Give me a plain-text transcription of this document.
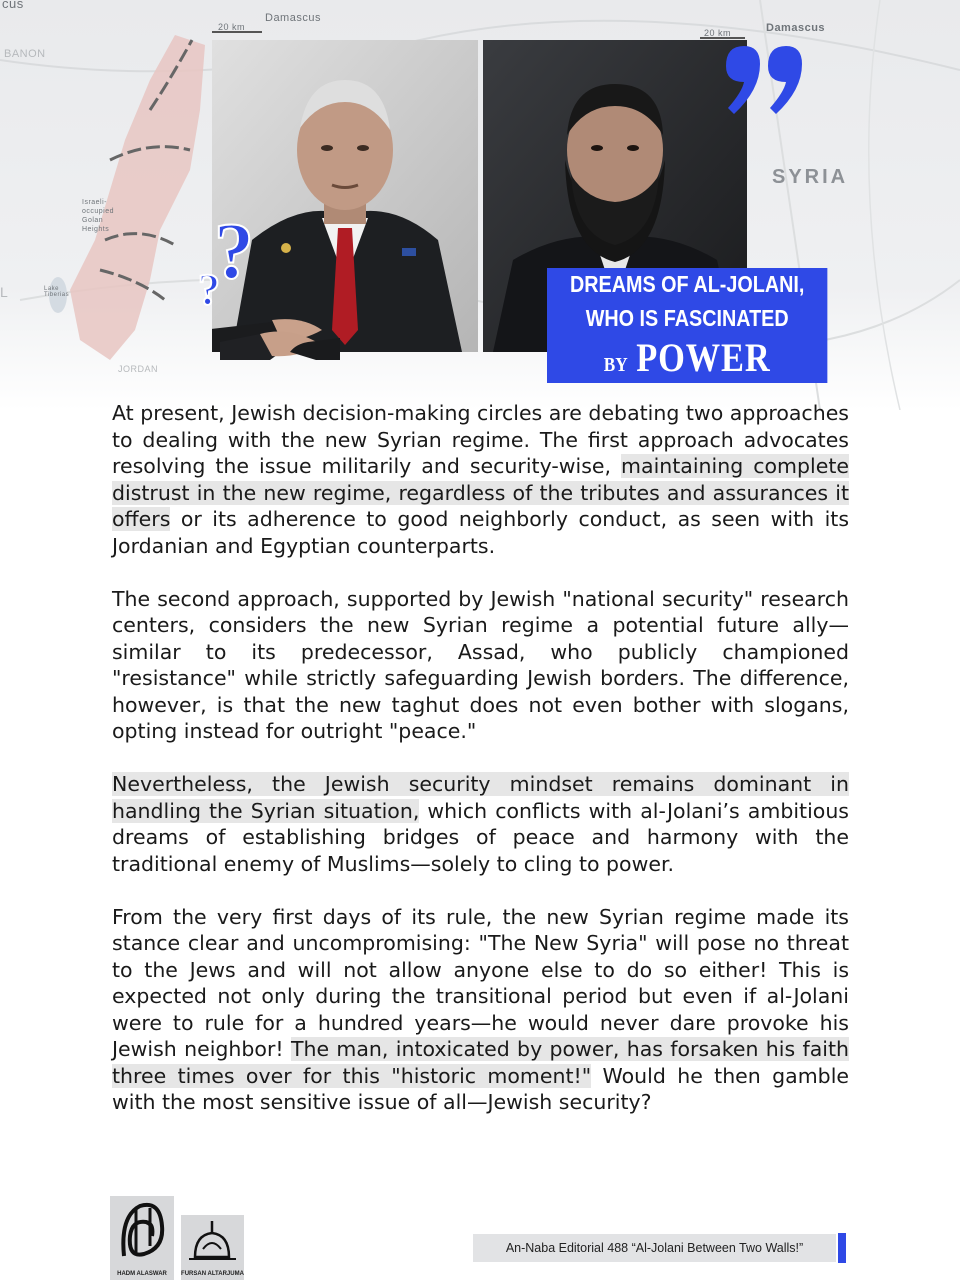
cus
Damascus
20 km	Damascus
20 km
BANON
SYRIA
Israeli-occupied Golan Heights
Lake Tiberias
JORDAN
L	?
?	DREAMS OF AL-JOLANI,
WHO IS FASCINATED
BY POWER

At present, Jewish decision-making circles are debating two approaches to dealing with the new Syrian regime. The first approach advocates resolving the issue militarily and security-wise, maintaining complete distrust in the new regime, regardless of the tributes and assurances it offers or its adherence to good neighborly conduct, as seen with its Jordanian and Egyptian counterparts.

The second approach, supported by Jewish "national security" research centers, considers the new Syrian regime a potential future ally—similar to its predecessor, Assad, who publicly championed "resistance" while strictly safeguarding Jewish borders. The difference, however, is that the new taghut does not even bother with slogans, opting instead for outright "peace."

Nevertheless, the Jewish security mindset remains dominant in handling the Syrian situation, which conflicts with al-Jolani’s ambitious dreams of establishing bridges of peace and harmony with the traditional enemy of Muslims—solely to cling to power.

From the very first days of its rule, the new Syrian regime made its stance clear and uncompromising: "The New Syria" will pose no threat to the Jews and will not allow anyone else to do so either! This is expected not only during the transitional period but even if al-Jolani were to rule for a hundred years—he would never dare provoke his Jewish neighbor! The man, intoxicated by power, has forsaken his faith three times over for this "historic moment!" Would he then gamble with the most sensitive issue of all—Jewish security?

HADM ALASWAR	FURSAN ALTARJUMA
An-Naba Editorial 488 “Al-Jolani Between Two Walls!”
